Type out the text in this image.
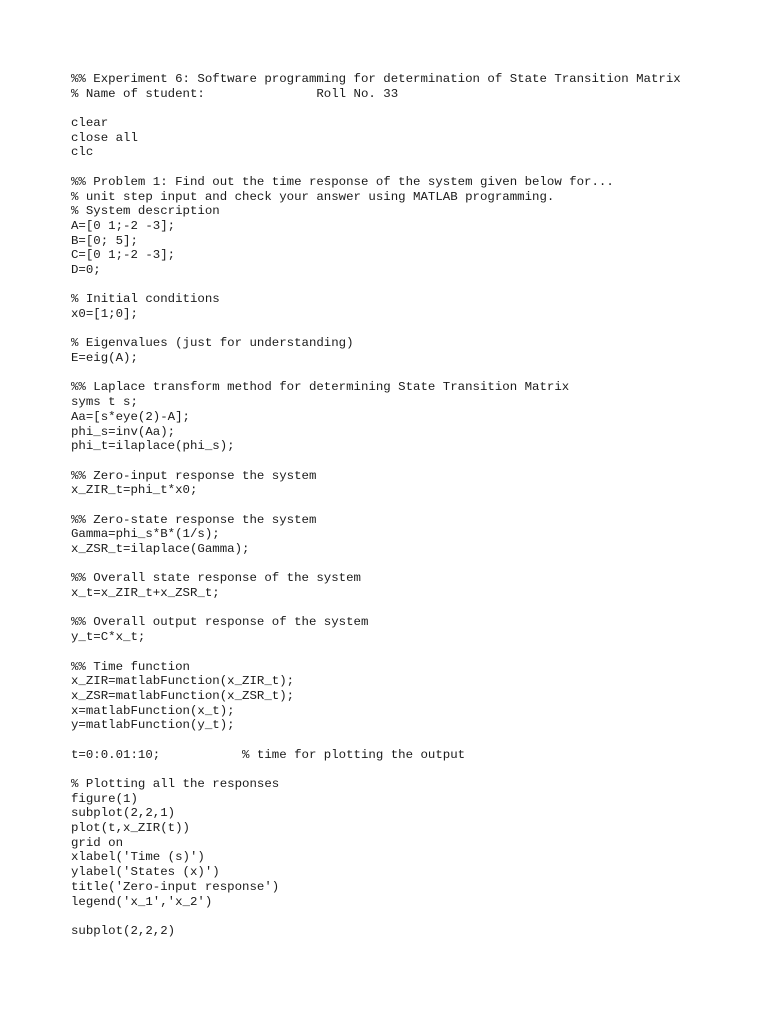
%% Experiment 6: Software programming for determination of State Transition Matrix
% Name of student:               Roll No. 33
clear
close all
clc
%% Problem 1: Find out the time response of the system given below for...
% unit step input and check your answer using MATLAB programming.
% System description
A=[0 1;-2 -3];
B=[0; 5];
C=[0 1;-2 -3];
D=0;
% Initial conditions
x0=[1;0];
% Eigenvalues (just for understanding)
E=eig(A);
%% Laplace transform method for determining State Transition Matrix
syms t s;
Aa=[s*eye(2)-A];
phi_s=inv(Aa);
phi_t=ilaplace(phi_s);
%% Zero-input response the system
x_ZIR_t=phi_t*x0;
%% Zero-state response the system
Gamma=phi_s*B*(1/s);
x_ZSR_t=ilaplace(Gamma);
%% Overall state response of the system
x_t=x_ZIR_t+x_ZSR_t;
%% Overall output response of the system
y_t=C*x_t;
%% Time function
x_ZIR=matlabFunction(x_ZIR_t);
x_ZSR=matlabFunction(x_ZSR_t);
x=matlabFunction(x_t);
y=matlabFunction(y_t);
t=0:0.01:10;           % time for plotting the output
% Plotting all the responses
figure(1)
subplot(2,2,1)
plot(t,x_ZIR(t))
grid on
xlabel('Time (s)')
ylabel('States (x)')
title('Zero-input response')
legend('x_1','x_2')
subplot(2,2,2)
